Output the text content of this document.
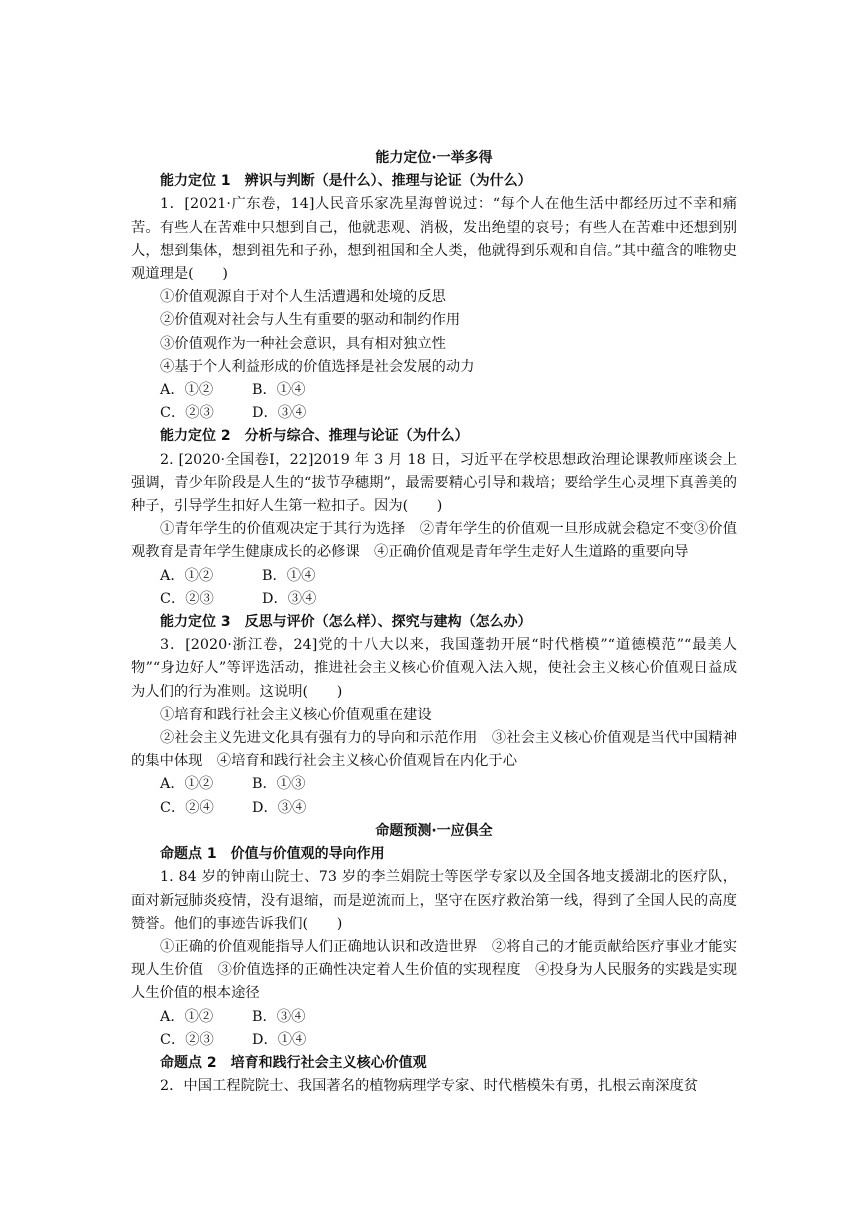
能力定位·一举多得
能力定位 1　辨识与判断（是什么）、推理与论证（为什么）

1．[2021·广东卷，14]人民音乐家冼星海曾说过：“每个人在他生活中都经历过不幸和痛苦。有些人在苦难中只想到自己，他就悲观、消极，发出绝望的哀号；有些人在苦难中还想到别人，想到集体，想到祖先和子孙，想到祖国和全人类，他就得到乐观和自信。”其中蕴含的唯物史观道理是(　　)

①价值观源自于对个人生活遭遇和处境的反思

②价值观对社会与人生有重要的驱动和制约作用

③价值观作为一种社会意识，具有相对独立性

④基于个人利益形成的价值选择是社会发展的动力

A．①②	B．①④

C．②③	D．③④

能力定位 2　分析与综合、推理与论证（为什么）

2. [2020·全国卷Ⅰ，22]2019 年 3 月 18 日，习近平在学校思想政治理论课教师座谈会上强调，青少年阶段是人生的“拔节孕穗期”，最需要精心引导和栽培；要给学生心灵埋下真善美的种子，引导学生扣好人生第一粒扣子。因为(　　)

①青年学生的价值观决定于其行为选择　②青年学生的价值观一旦形成就会稳定不变③价值观教育是青年学生健康成长的必修课　④正确价值观是青年学生走好人生道路的重要向导

A．①②	B．①④

C．②③	D．③④

能力定位 3　反思与评价（怎么样）、探究与建构（怎么办）

3．[2020·浙江卷，24]党的十八大以来，我国蓬勃开展“时代楷模”“道德模范”“最美人物”“身边好人”等评选活动，推进社会主义核心价值观入法入规，使社会主义核心价值观日益成为人们的行为准则。这说明(　　)

①培育和践行社会主义核心价值观重在建设

②社会主义先进文化具有强有力的导向和示范作用　③社会主义核心价值观是当代中国精神的集中体现　④培育和践行社会主义核心价值观旨在内化于心

A．①②	B．①③

C．②④	D．③④

命题预测·一应俱全
命题点 1　价值与价值观的导向作用

1. 84 岁的钟南山院士、73 岁的李兰娟院士等医学专家以及全国各地支援湖北的医疗队，面对新冠肺炎疫情，没有退缩，而是逆流而上，坚守在医疗救治第一线，得到了全国人民的高度赞誉。他们的事迹告诉我们(　　)

①正确的价值观能指导人们正确地认识和改造世界　②将自己的才能贡献给医疗事业才能实现人生价值　③价值选择的正确性决定着人生价值的实现程度　④投身为人民服务的实践是实现人生价值的根本途径

A．①②	B．③④

C．②③	D．①④

命题点 2　培育和践行社会主义核心价值观

2．中国工程院院士、我国著名的植物病理学专家、时代楷模朱有勇，扎根云南深度贫
